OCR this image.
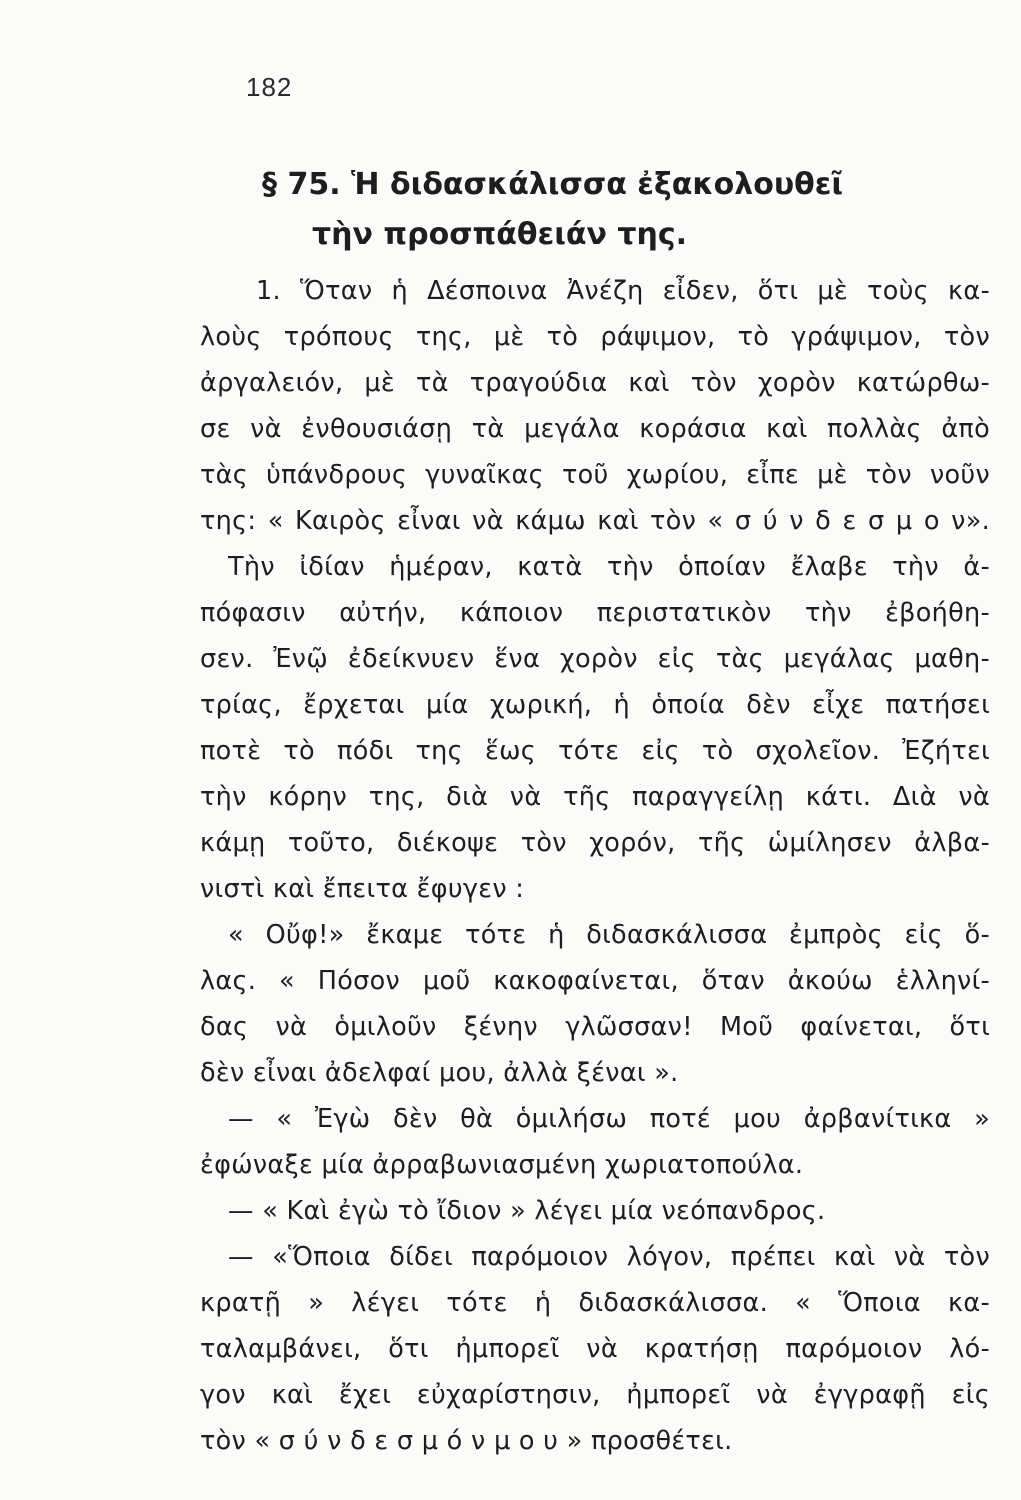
182
§ 75. Ἡ διδασκάλισσα ἐξακολουθεῖ
τὴν προσπάθειάν της.
1. Ὅταν ἡ Δέσποινα Ἀνέζη εἶδεν, ὅτι μὲ τοὺς κα-
λοὺς τρόπους της, μὲ τὸ ράψιμον, τὸ γράψιμον, τὸν
ἀργαλειόν, μὲ τὰ τραγούδια καὶ τὸν χορὸν κατώρθω-
σε νὰ ἐνθουσιάσῃ τὰ μεγάλα κοράσια καὶ πολλὰς ἀπὸ
τὰς ὑπάνδρους γυναῖκας τοῦ χωρίου, εἶπε μὲ τὸν νοῦν
της: « Καιρὸς εἶναι νὰ κάμω καὶ τὸν « σ ύ ν δ ε σ μ ο ν».
Τὴν ἰδίαν ἡμέραν, κατὰ τὴν ὁποίαν ἔλαβε τὴν ἀ-
πόφασιν αὐτήν, κάποιον περιστατικὸν τὴν ἐβοήθη-
σεν. Ἐνῷ ἐδείκνυεν ἕνα χορὸν εἰς τὰς μεγάλας μαθη-
τρίας, ἔρχεται μία χωρική, ἡ ὁποία δὲν εἶχε πατήσει
ποτὲ τὸ πόδι της ἕως τότε εἰς τὸ σχολεῖον. Ἐζήτει
τὴν κόρην της, διὰ νὰ τῆς παραγγείλῃ κάτι. Διὰ νὰ
κάμῃ τοῦτο, διέκοψε τὸν χορόν, τῆς ὡμίλησεν ἀλβα-
νιστὶ καὶ ἔπειτα ἔφυγεν :
« Οὔφ!» ἔκαμε τότε ἡ διδασκάλισσα ἐμπρὸς εἰς ὅ-
λας. « Πόσον μοῦ κακοφαίνεται, ὅταν ἀκούω ἑλληνί-
δας νὰ ὁμιλοῦν ξένην γλῶσσαν! Μοῦ φαίνεται, ὅτι
δὲν εἶναι ἀδελφαί μου, ἀλλὰ ξέναι ».
— « Ἐγὼ δὲν θὰ ὁμιλήσω ποτέ μου ἀρβανίτικα »
ἐφώναξε μία ἀρραβωνιασμένη χωριατοπούλα.
— « Καὶ ἐγὼ τὸ ἴδιον » λέγει μία νεόπανδρος.
— «Ὅποια δίδει παρόμοιον λόγον, πρέπει καὶ νὰ τὸν
κρατῇ » λέγει τότε ἡ διδασκάλισσα. « Ὅποια κα-
ταλαμβάνει, ὅτι ἠμπορεῖ νὰ κρατήσῃ παρόμοιον λό-
γον καὶ ἔχει εὐχαρίστησιν, ἠμπορεῖ νὰ ἐγγραφῇ εἰς
τὸν « σ ύ ν δ ε σ μ ό ν μ ο υ » προσθέτει.
